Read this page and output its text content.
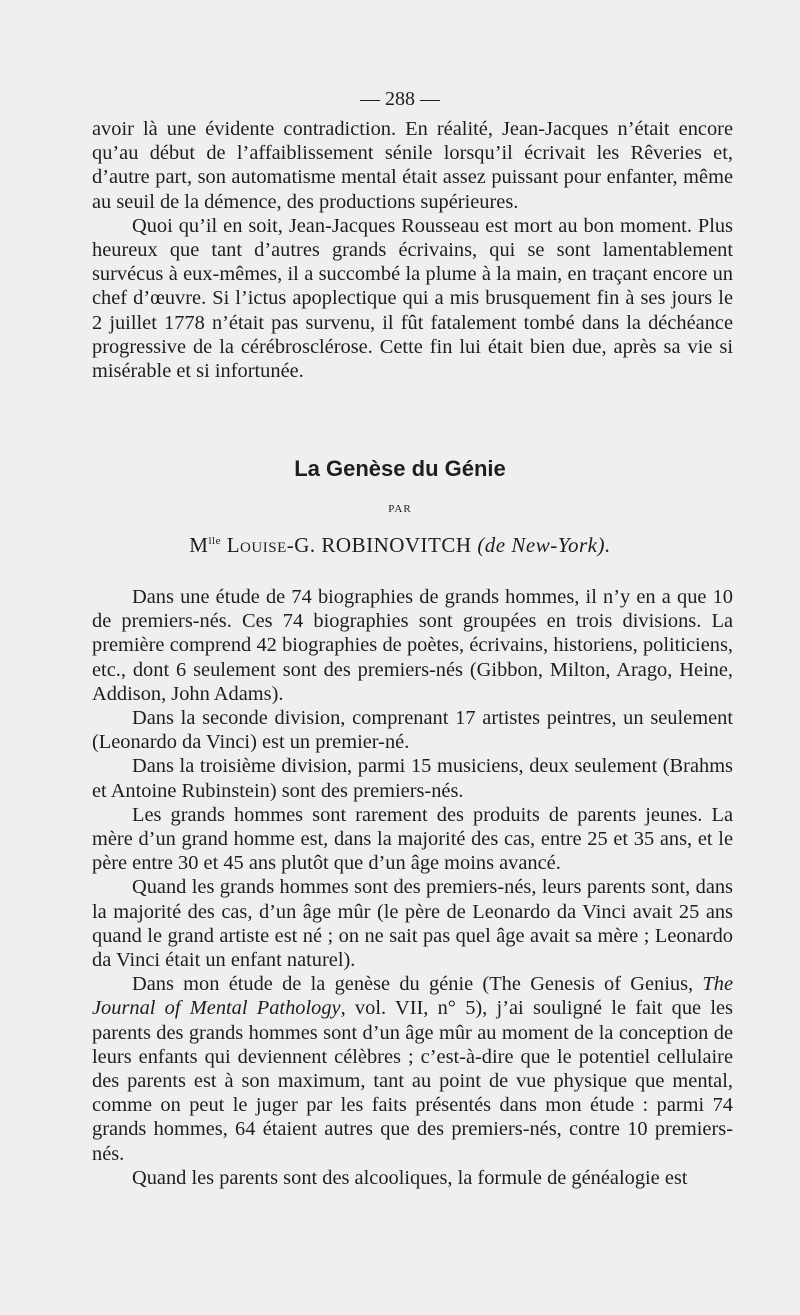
— 288 —

avoir là une évidente contradiction. En réalité, Jean-Jacques n’était encore qu’au début de l’affaiblissement sénile lorsqu’il écrivait les Rêveries et, d’autre part, son automatisme mental était assez puissant pour enfanter, même au seuil de la démence, des productions supérieures.

Quoi qu’il en soit, Jean-Jacques Rousseau est mort au bon moment. Plus heureux que tant d’autres grands écrivains, qui se sont lamentablement survécus à eux-mêmes, il a succombé la plume à la main, en traçant encore un chef d’œuvre. Si l’ictus apoplectique qui a mis brusquement fin à ses jours le 2 juillet 1778 n’était pas survenu, il fût fatalement tombé dans la déchéance progressive de la cérébrosclérose. Cette fin lui était bien due, après sa vie si misérable et si infortunée.

La Genèse du Génie
PAR
$M^{lle}$ Louise-G. ROBINOVITCH (de New-York).

Dans une étude de 74 biographies de grands hommes, il n’y en a que 10 de premiers-nés. Ces 74 biographies sont groupées en trois divisions. La première comprend 42 biographies de poètes, écrivains, historiens, politiciens, etc., dont 6 seulement sont des premiers-nés (Gibbon, Milton, Arago, Heine, Addison, John Adams).

Dans la seconde division, comprenant 17 artistes peintres, un seulement (Leonardo da Vinci) est un premier-né.

Dans la troisième division, parmi 15 musiciens, deux seulement (Brahms et Antoine Rubinstein) sont des premiers-nés.

Les grands hommes sont rarement des produits de parents jeunes. La mère d’un grand homme est, dans la majorité des cas, entre 25 et 35 ans, et le père entre 30 et 45 ans plutôt que d’un âge moins avancé.

Quand les grands hommes sont des premiers-nés, leurs parents sont, dans la majorité des cas, d’un âge mûr (le père de Leonardo da Vinci avait 25 ans quand le grand artiste est né ; on ne sait pas quel âge avait sa mère ; Leonardo da Vinci était un enfant naturel).

Dans mon étude de la genèse du génie (The Genesis of Genius, The Journal of Mental Pathology, vol. VII, n° 5), j’ai souligné le fait que les parents des grands hommes sont d’un âge mûr au moment de la conception de leurs enfants qui deviennent célèbres ; c’est-à-dire que le potentiel cellulaire des parents est à son maximum, tant au point de vue physique que mental, comme on peut le juger par les faits présentés dans mon étude : parmi 74 grands hommes, 64 étaient autres que des premiers-nés, contre 10 premiers-nés.

Quand les parents sont des alcooliques, la formule de généalogie est
